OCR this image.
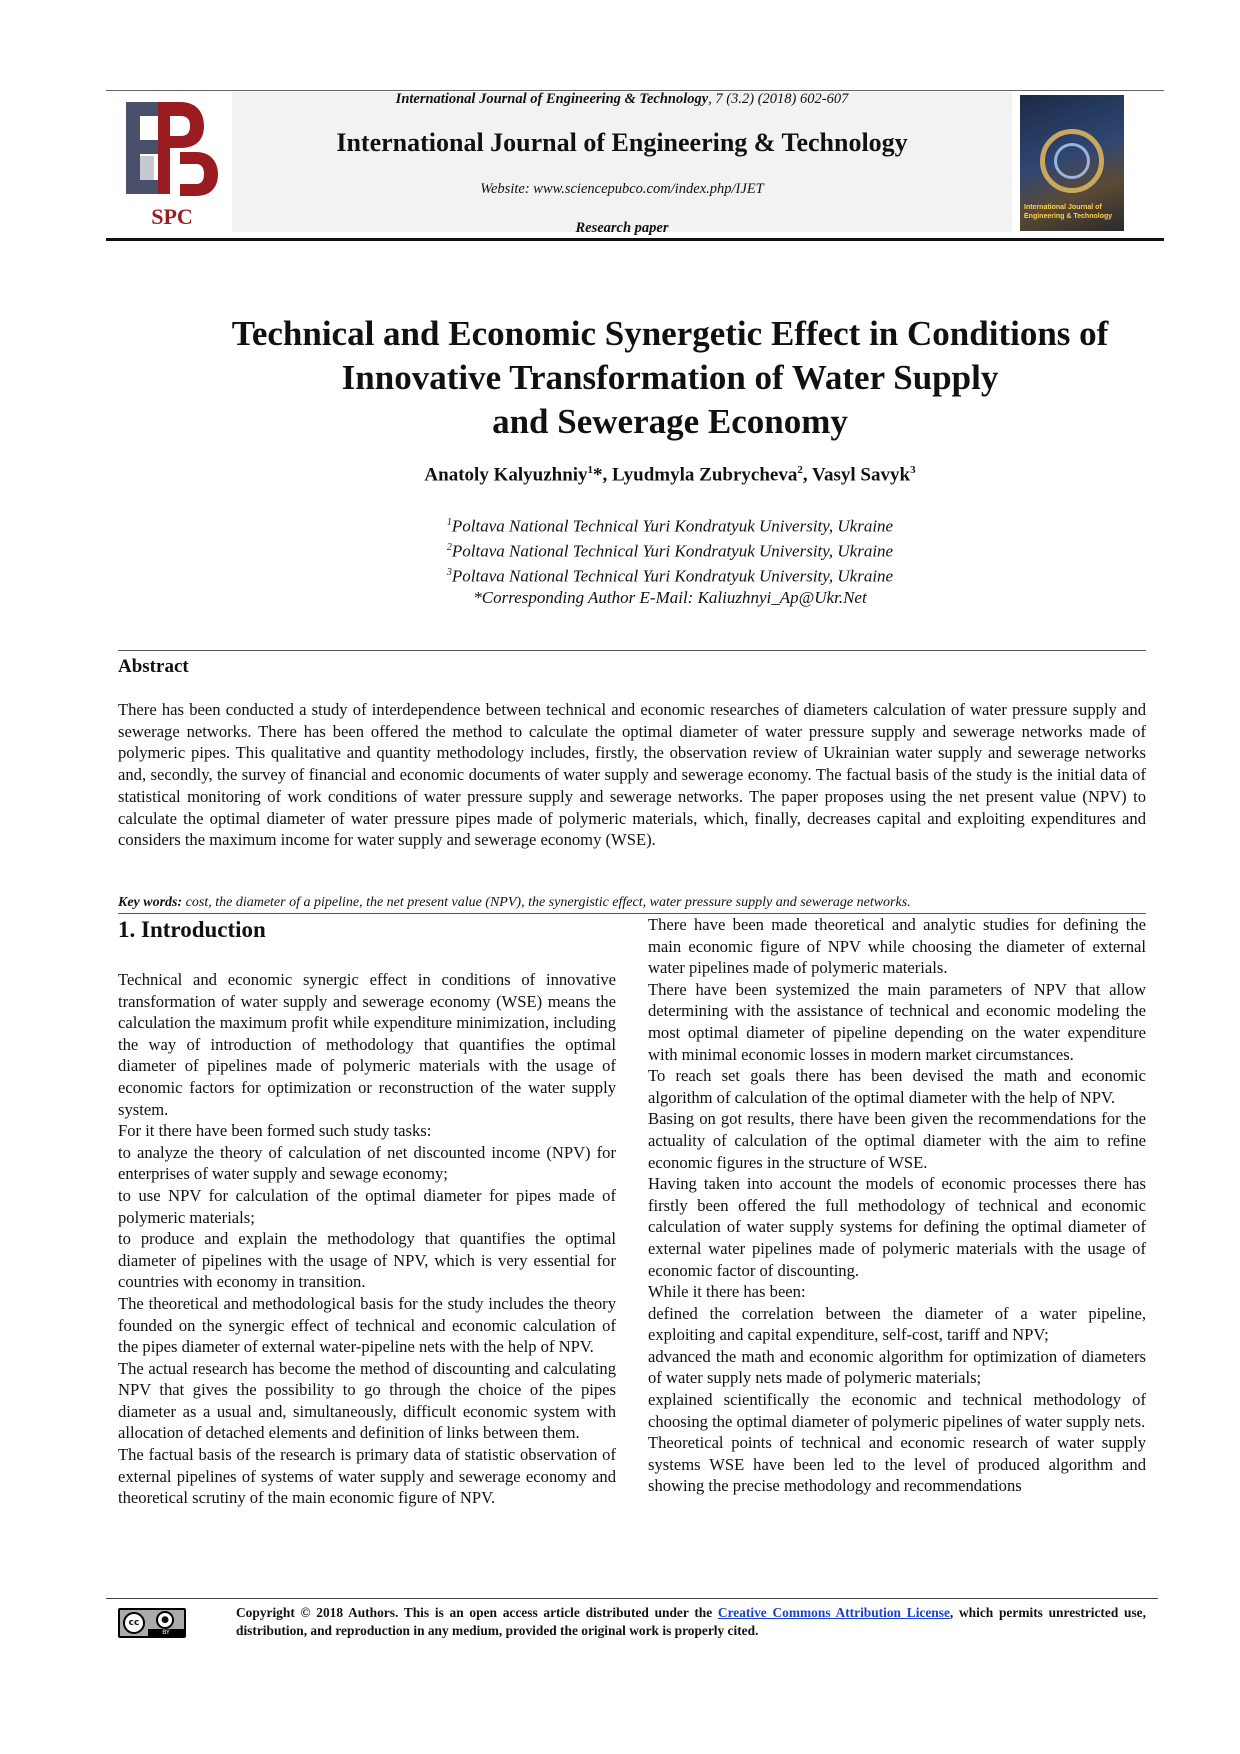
SPC	International Journal of Engineering & Technology
International Journal of Engineering & Technology, 7 (3.2) (2018) 602-607
International Journal of Engineering & Technology
Website: www.sciencepubco.com/index.php/IJET
Research paper
Technical and Economic Synergetic Effect in Conditions of
Innovative Transformation of Water Supply
and Sewerage Economy
Anatoly Kalyuzhniy$^1$*, Lyudmyla Zubrycheva$^2$, Vasyl Savyk$^3$
$^1$Poltava National Technical Yuri Kondratyuk University, Ukraine
$^2$Poltava National Technical Yuri Kondratyuk University, Ukraine
$^3$Poltava National Technical Yuri Kondratyuk University, Ukraine
*Corresponding Author E-Mail: Kaliuzhnyi_Ap@Ukr.Net
Abstract
There has been conducted a study of interdependence between technical and economic researches of diameters calculation of water pressure supply and sewerage networks. There has been offered the method to calculate the optimal diameter of water pressure supply and sewerage networks made of polymeric pipes. This qualitative and quantity methodology includes, firstly, the observation review of Ukrainian water supply and sewerage networks and, secondly, the survey of financial and economic documents of water supply and sewerage economy. The factual basis of the study is the initial data of statistical monitoring of work conditions of water pressure supply and sewerage networks. The paper proposes using the net present value (NPV) to calculate the optimal diameter of water pressure pipes made of polymeric materials, which, finally, decreases capital and exploiting expenditures and considers the maximum income for water supply and sewerage economy (WSE).
Key words: cost, the diameter of a pipeline, the net present value (NPV), the synergistic effect, water pressure supply and sewerage networks.
1. Introduction

Technical and economic synergic effect in conditions of innovative transformation of water supply and sewerage economy (WSE) means the calculation the maximum profit while expenditure minimization, including the way of introduction of methodology that quantifies the optimal diameter of pipelines made of polymeric materials with the usage of economic factors for optimization or reconstruction of the water supply system.

For it there have been formed such study tasks:

to analyze the theory of calculation of net discounted income (NPV) for enterprises of water supply and sewage economy;

to use NPV for calculation of the optimal diameter for pipes made of polymeric materials;

to produce and explain the methodology that quantifies the optimal diameter of pipelines with the usage of NPV, which is very essential for countries with economy in transition.

The theoretical and methodological basis for the study includes the theory founded on the synergic effect of technical and economic calculation of the pipes diameter of external water-pipeline nets with the help of NPV.

The actual research has become the method of discounting and calculating NPV that gives the possibility to go through the choice of the pipes diameter as a usual and, simultaneously, difficult economic system with allocation of detached elements and definition of links between them.

The factual basis of the research is primary data of statistic observation of external pipelines of systems of water supply and sewerage economy and theoretical scrutiny of the main economic figure of NPV.

There have been made theoretical and analytic studies for defining the main economic figure of NPV while choosing the diameter of external water pipelines made of polymeric materials.

There have been systemized the main parameters of NPV that allow determining with the assistance of technical and economic modeling the most optimal diameter of pipeline depending on the water expenditure with minimal economic losses in modern market circumstances.

To reach set goals there has been devised the math and economic algorithm of calculation of the optimal diameter with the help of NPV.

Basing on got results, there have been given the recommendations for the actuality of calculation of the optimal diameter with the aim to refine economic figures in the structure of WSE.

Having taken into account the models of economic processes there has firstly been offered the full methodology of technical and economic calculation of water supply systems for defining the optimal diameter of external water pipelines made of polymeric materials with the usage of economic factor of discounting.

While it there has been:

defined the correlation between the diameter of a water pipeline, exploiting and capital expenditure, self-cost, tariff and NPV;

advanced the math and economic algorithm for optimization of diameters of water supply nets made of polymeric materials;

explained scientifically the economic and technical methodology of choosing the optimal diameter of polymeric pipelines of water supply nets.

Theoretical points of technical and economic research of water supply systems WSE have been led to the level of produced algorithm and showing the precise methodology and recommendations

cc	●
BY
Copyright © 2018 Authors. This is an open access article distributed under the Creative Commons Attribution License, which permits unrestricted use, distribution, and reproduction in any medium, provided the original work is properly cited.
